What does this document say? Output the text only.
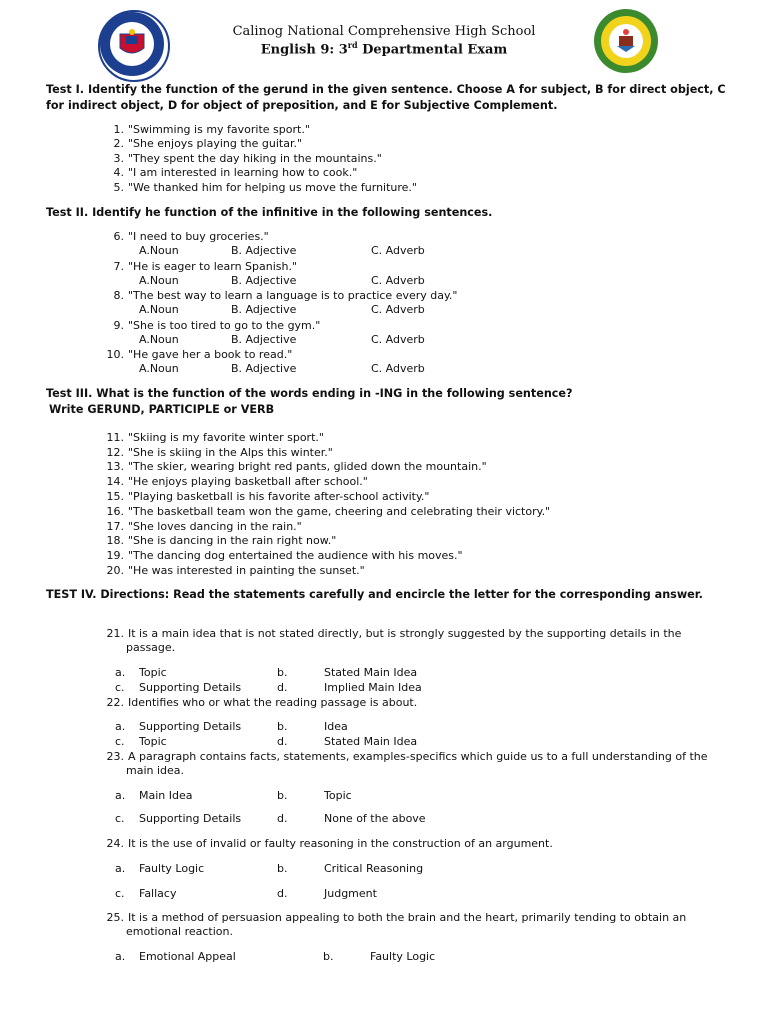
Calinog National Comprehensive High School
English 9: 3rd Departmental Exam
Test I. Identify the function of the gerund in the given sentence. Choose A for subject, B for direct object, C for indirect object, D for object of preposition, and E for Subjective Complement.
1. "Swimming is my favorite sport."
2. "She enjoys playing the guitar."
3. "They spent the day hiking in the mountains."
4. "I am interested in learning how to cook."
5. "We thanked him for helping us move the furniture."
Test II. Identify he function of the infinitive in the following sentences.
6. "I need to buy groceries."
A.Noun	B. Adjective	C. Adverb
7. "He is eager to learn Spanish."
A.Noun	B. Adjective	C. Adverb
8. "The best way to learn a language is to practice every day."
A.Noun	B. Adjective	C. Adverb
9. "She is too tired to go to the gym."
A.Noun	B. Adjective	C. Adverb
10. "He gave her a book to read."
A.Noun	B. Adjective	C. Adverb
Test III. What is the function of the words ending in -ING in the following sentence?
Write GERUND, PARTICIPLE or VERB
11. "Skiing is my favorite winter sport."
12. "She is skiing in the Alps this winter."
13. "The skier, wearing bright red pants, glided down the mountain."
14. "He enjoys playing basketball after school."
15. "Playing basketball is his favorite after-school activity."
16. "The basketball team won the game, cheering and celebrating their victory."
17. "She loves dancing in the rain."
18. "She is dancing in the rain right now."
19. "The dancing dog entertained the audience with his moves."
20. "He was interested in painting the sunset."
TEST IV. Directions: Read the statements carefully and encircle the letter for the corresponding answer.
21. It is a main idea that is not stated directly, but is strongly suggested by the supporting details in the passage.
a. Topic	b.	Stated Main Idea
c. Supporting Details	d.	Implied Main Idea
22. Identifies who or what the reading passage is about.
a. Supporting Details	b.	Idea
c. Topic	d.	Stated Main Idea
23. A paragraph contains facts, statements, examples-specifics which guide us to a full understanding of the main idea.
a. Main Idea	b.	Topic
c. Supporting Details	d.	None of the above
24. It is the use of invalid or faulty reasoning in the construction of an argument.
a. Faulty Logic	b.	Critical Reasoning
c. Fallacy	d.	Judgment
25. It is a method of persuasion appealing to both the brain and the heart, primarily tending to obtain an emotional reaction.
a. Emotional Appeal	b.	Faulty Logic
